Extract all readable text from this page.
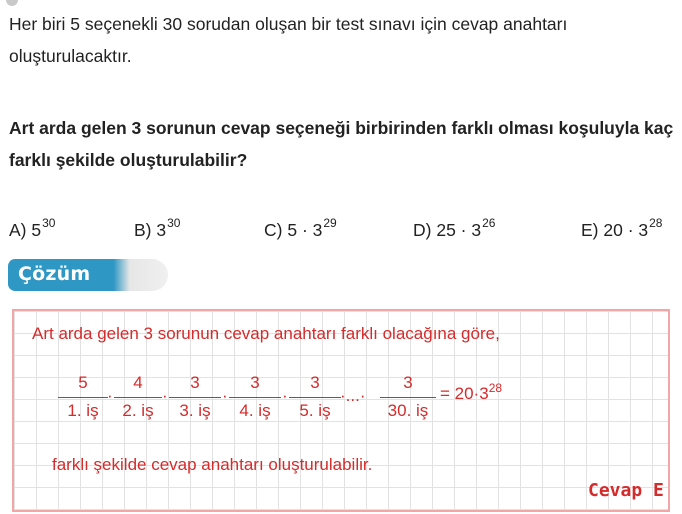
Her biri 5 seçenekli 30 sorudan oluşan bir test sınavı için cevap anahtarı oluşturulacaktır.
Art arda gelen 3 sorunun cevap seçeneği birbirinden farklı olması koşuluyla kaç farklı şekilde oluşturulabilir?
A) $5^{30}$	B) $3^{30}$	C) $5 \cdot 3^{29}$	D) $25 \cdot 3^{26}$	E) $20 \cdot 3^{28}$
Çözüm
Art arda gelen 3 sorunun cevap anahtarı farklı olacağına göre,
5
1. iş
·
4
2. iş
·
3
3. iş
·
3
4. iş
·
3
5. iş
·...·
3
30. iş
= $20\cdot 3^{28}$
farklı şekilde cevap anahtarı oluşturulabilir.
Cevap E
